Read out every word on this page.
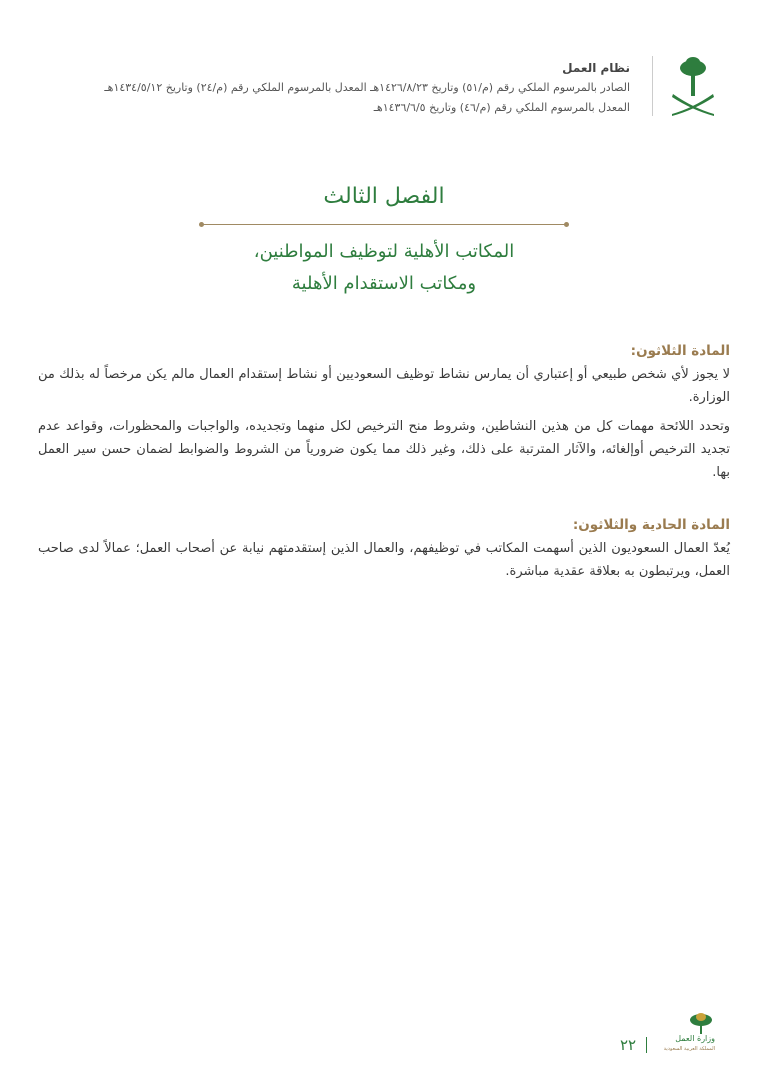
نظام العمل
الصادر بالمرسوم الملكي رقم (م/٥١) وتاريخ ١٤٢٦/٨/٢٣هـ المعدل بالمرسوم الملكي رقم (م/٢٤) وتاريخ ١٤٣٤/٥/١٢هـ
المعدل بالمرسوم الملكي رقم (م/٤٦) وتاريخ ١٤٣٦/٦/٥هـ
الفصل الثالث
المكاتب الأهلية لتوظيف المواطنين،
ومكاتب الاستقدام الأهلية
المادة الثلاثون:

لا يجوز لأي شخص طبيعي أو إعتباري أن يمارس نشاط توظيف السعوديين أو نشاط إستقدام العمال مالم يكن مرخصاً له بذلك من الوزارة.

وتحدد اللائحة مهمات كل من هذين النشاطين، وشروط منح الترخيص لكل منهما وتجديده، والواجبات والمحظورات، وقواعد عدم تجديد الترخيص أوإلغائه، والآثار المترتبة على ذلك، وغير ذلك مما يكون ضرورياً من الشروط والضوابط لضمان حسن سير العمل بها.

المادة الحادية والثلاثون:

يُعدّ العمال السعوديون الذين أسهمت المكاتب في توظيفهم، والعمال الذين إستقدمتهم نيابة عن أصحاب العمل؛ عمالاً لدى صاحب العمل، ويرتبطون به بعلاقة عقدية مباشرة.

٢٢	وزارة العمل
المملكة العربية السعودية
